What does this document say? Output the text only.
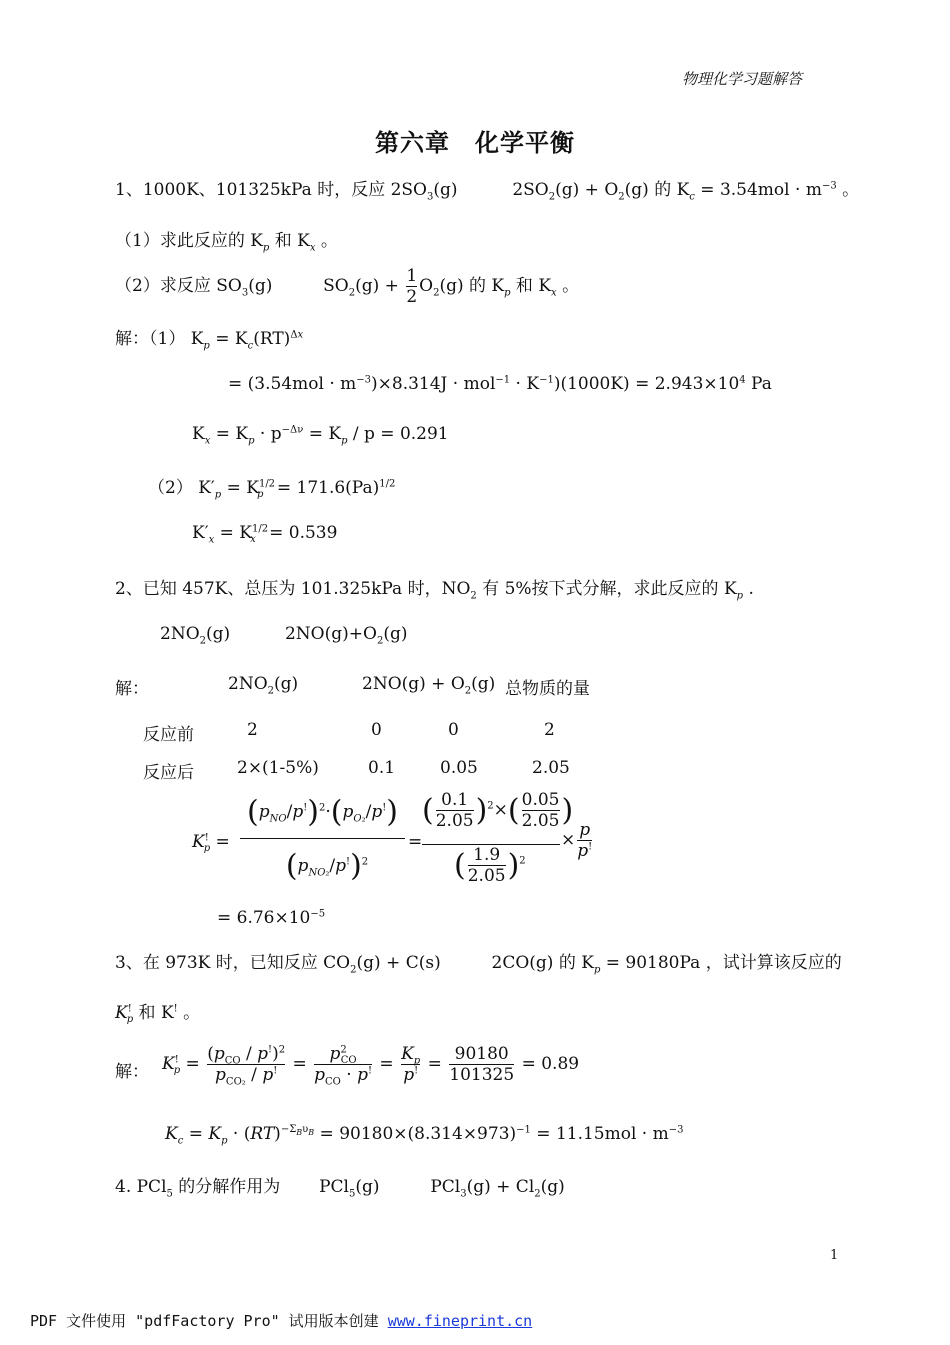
物理化学习题解答
第六章　化学平衡
1、1000K、101325kPa 时，反应 $2SO_3(g)$	$2SO_2(g) + O_2(g)$ 的 $K_c = 3.54mol \cdot m^{-3}$ 。
（1）求此反应的 $K_p$ 和 $K_x$ 。
（2）求反应 $SO_3(g)$	$SO_2(g) + \frac{1}{2} O_2(g)$ 的 $K_p$ 和 $K_x$ 。
解：（1） $K_p = K_c(RT)^{\Delta x}$
= $(3.54mol \cdot m^{-3})\times 8.314J \cdot mol^{-1} \cdot K^{-1})(1000K) = 2.943\times 10^4$ Pa
$K_x = K_p \cdot p^{-\Delta\nu} = K_p / p = 0.291$
（2） $K'_p = K^{1/2}_p = 171.6(Pa)^{1/2}$
$K'_x = K^{1/2}_x = 0.539$
2、已知 457K、总压为 101.325kPa 时，$NO_2$ 有 5%按下式分解，求此反应的 $K_p$ .
$2NO_2(g)$	$2NO(g)+O_2(g)$
解：	$2NO_2(g)$	$2NO(g) + O_2(g)$ 总物质的量
反应前	2	0	0	2
反应后	2×(1-5%)	0.1	0.05	2.05
$K^!_p$ =
$(p_{NO}/p^!)^2\cdot(p_{O_2}/p^!)$
$(p_{NO_2}/p^!)^2$
=
( $\frac{0.1}{2.05} )^2\times( \frac{0.05}{2.05}$ )
( $\frac{1.9}{2.05} )^2$
× $\frac{p}{p^!}$
= $6.76\times 10^{-5}$
3、在 973K 时，已知反应 $CO_2(g) + C(s)$	2CO(g) 的 $K_p = 90180Pa$ ，试计算该反应的
$K^!_p$ 和 K! 。
解： $K^!_p = \frac{(p_{CO} / p^!)^2}{p_{CO_2} / p^!} = \frac{p^2_{CO}}{p_{CO} \cdot p^!} = \frac{K_p}{p^!} = \frac{90180}{101325} = 0.89$
$K_c = K_p \cdot (RT)^{-\Sigma_B\upsilon_B} = 90180\times(8.314\times 973)^{-1} = 11.15mol \cdot m^{-3}$
4. PCl$_5$ 的分解作用为 PCl$_5$(g)	$PCl_3(g) + Cl_2(g)$
1
PDF 文件使用 "pdfFactory Pro" 试用版本创建 www.fineprint.cn
